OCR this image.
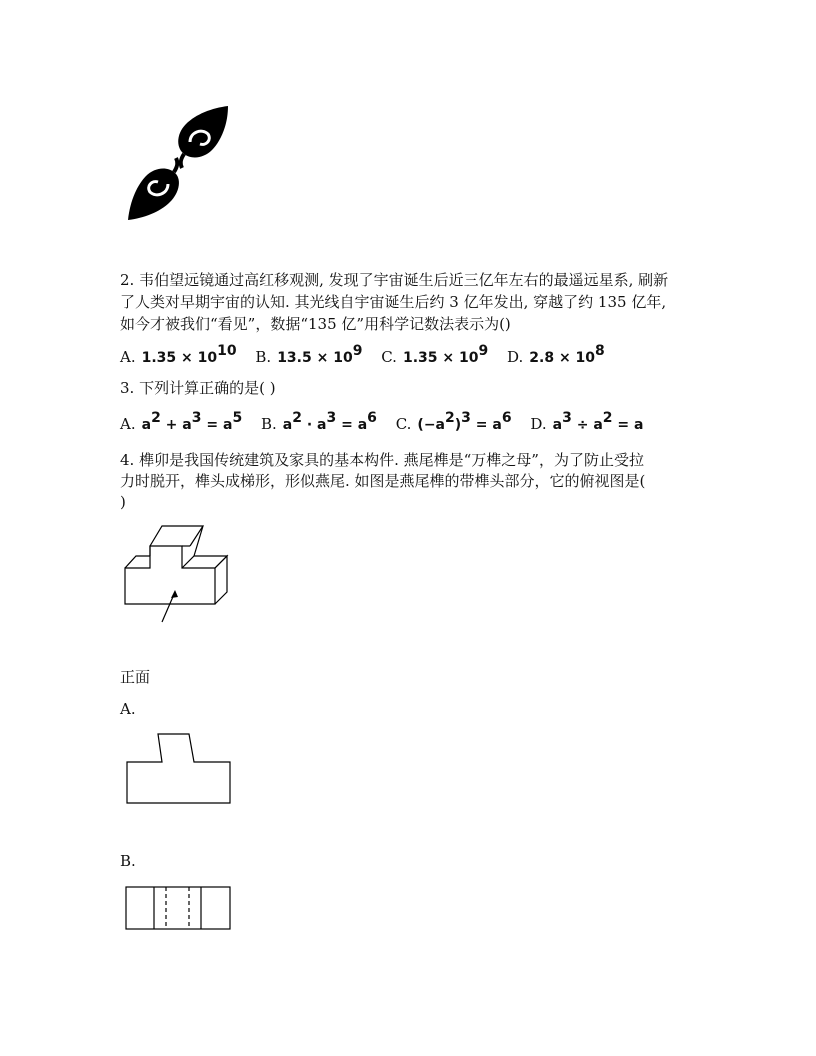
2. 韦伯望远镜通过高红移观测, 发现了宇宙诞生后近三亿年左右的最遥远星系, 刷新
了人类对早期宇宙的认知. 其光线自宇宙诞生后约 3 亿年发出, 穿越了约 135 亿年,
如今才被我们“看见”，数据“135 亿”用科学记数法表示为()
A. $1.35 \times 10^{10}$ B. $13.5 \times 10^9$ C. $1.35 \times 10^9$ D. $2.8 \times 10^8$
3. 下列计算正确的是( )
A. $a^2 + a^3 = a^5$ B. $a^2 \cdot a^3 = a^6$ C. $(-a^2)^3 = a^6$ D. $a^3 \div a^2 = a$
4. 榫卯是我国传统建筑及家具的基本构件. 燕尾榫是“万榫之母”，为了防止受拉
力时脱开，榫头成梯形，形似燕尾. 如图是燕尾榫的带榫头部分，它的俯视图是(
)
正面
A.
B.
